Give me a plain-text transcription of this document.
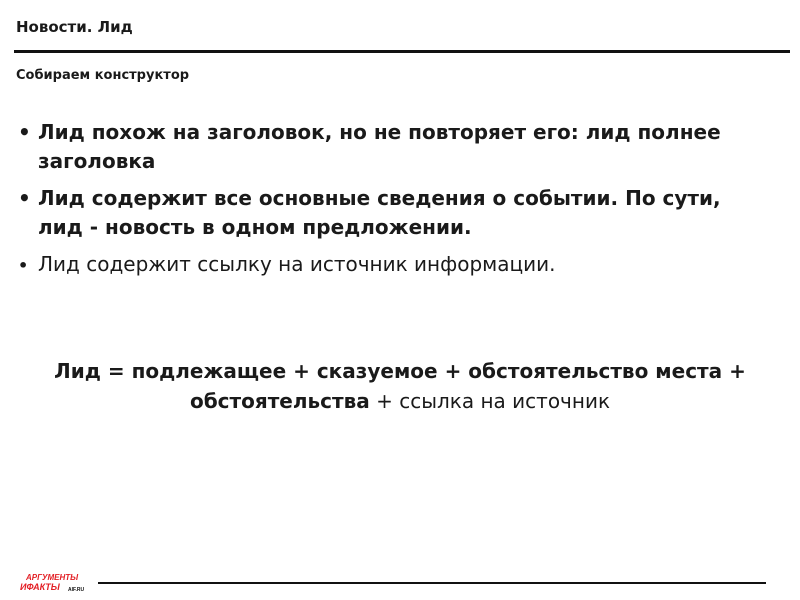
Новости. Лид
Собираем конструктор
• Лид похож на заголовок, но не повторяет его: лид полнее заголовка
• Лид содержит все основные сведения о событии. По сути, лид - новость в одном предложении.
• Лид содержит ссылку на источник информации.
Лид = подлежащее + сказуемое + обстоятельство места + обстоятельства + ссылка на источник
АРГУМЕНТЫ
ИФАКТЫ AIF.RU
